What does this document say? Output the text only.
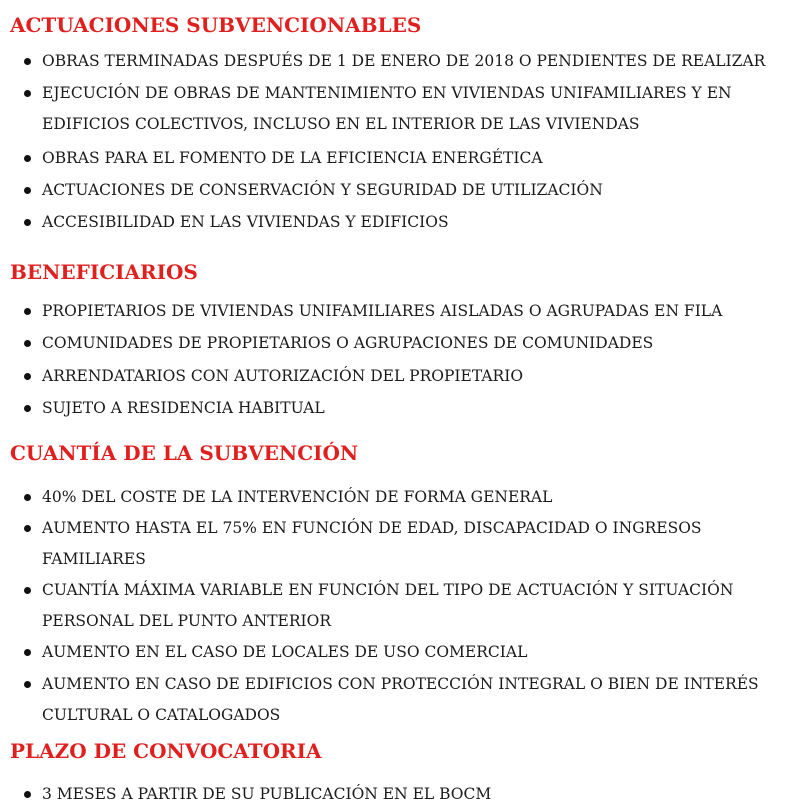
ACTUACIONES SUBVENCIONABLES
OBRAS TERMINADAS DESPUÉS DE 1 DE ENERO DE 2018 O PENDIENTES DE REALIZAR
EJECUCIÓN DE OBRAS DE MANTENIMIENTO EN VIVIENDAS UNIFAMILIARES Y EN
EDIFICIOS COLECTIVOS, INCLUSO EN EL INTERIOR DE LAS VIVIENDAS
OBRAS PARA EL FOMENTO DE LA EFICIENCIA ENERGÉTICA
ACTUACIONES DE CONSERVACIÓN Y SEGURIDAD DE UTILIZACIÓN
ACCESIBILIDAD EN LAS VIVIENDAS Y EDIFICIOS
BENEFICIARIOS
PROPIETARIOS DE VIVIENDAS UNIFAMILIARES AISLADAS O AGRUPADAS EN FILA
COMUNIDADES DE PROPIETARIOS O AGRUPACIONES DE COMUNIDADES
ARRENDATARIOS CON AUTORIZACIÓN DEL PROPIETARIO
SUJETO A RESIDENCIA HABITUAL
CUANTÍA DE LA SUBVENCIÓN
40% DEL COSTE DE LA INTERVENCIÓN DE FORMA GENERAL
AUMENTO HASTA EL 75% EN FUNCIÓN DE EDAD, DISCAPACIDAD O INGRESOS
FAMILIARES
CUANTÍA MÁXIMA VARIABLE EN FUNCIÓN DEL TIPO DE ACTUACIÓN Y SITUACIÓN
PERSONAL DEL PUNTO ANTERIOR
AUMENTO EN EL CASO DE LOCALES DE USO COMERCIAL
AUMENTO EN CASO DE EDIFICIOS CON PROTECCIÓN INTEGRAL O BIEN DE INTERÉS
CULTURAL O CATALOGADOS
PLAZO DE CONVOCATORIA
3 MESES A PARTIR DE SU PUBLICACIÓN EN EL BOCM
